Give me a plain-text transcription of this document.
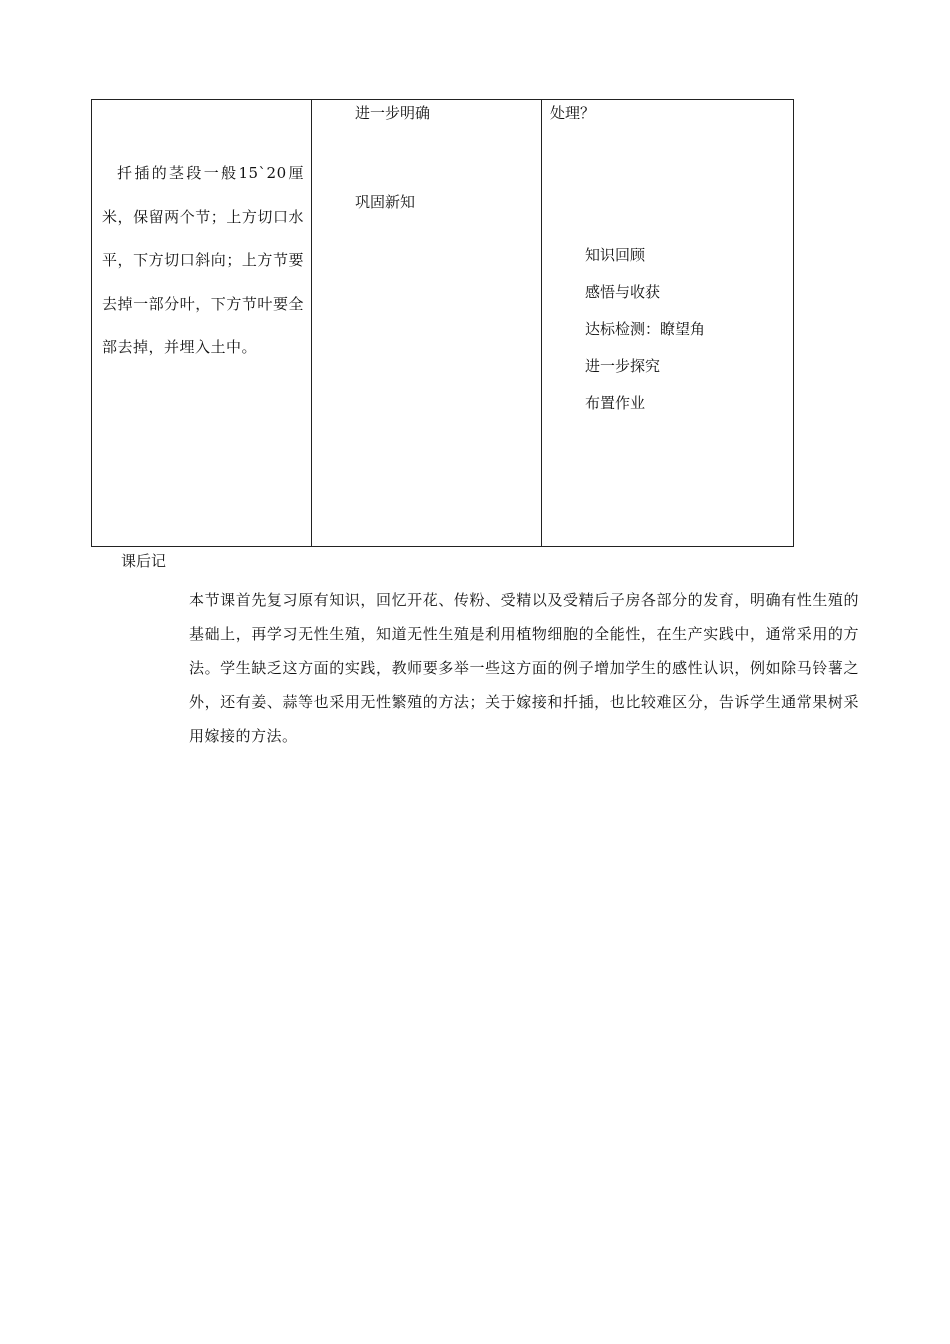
扦插的茎段一般15`20厘米，保留两个节；上方切口水平，下方切口斜向；上方节要去掉一部分叶，下方节叶要全部去掉，并埋入土中。
进一步明确
巩固新知
处理？
知识回顾
感悟与收获
达标检测：瞭望角
进一步探究
布置作业
课后记
本节课首先复习原有知识，回忆开花、传粉、受精以及受精后子房各部分的发育，明确有性生殖的基础上，再学习无性生殖，知道无性生殖是利用植物细胞的全能性，在生产实践中，通常采用的方法。学生缺乏这方面的实践，教师要多举一些这方面的例子增加学生的感性认识，例如除马铃薯之外，还有姜、蒜等也采用无性繁殖的方法；关于嫁接和扦插，也比较难区分，告诉学生通常果树采用嫁接的方法。
